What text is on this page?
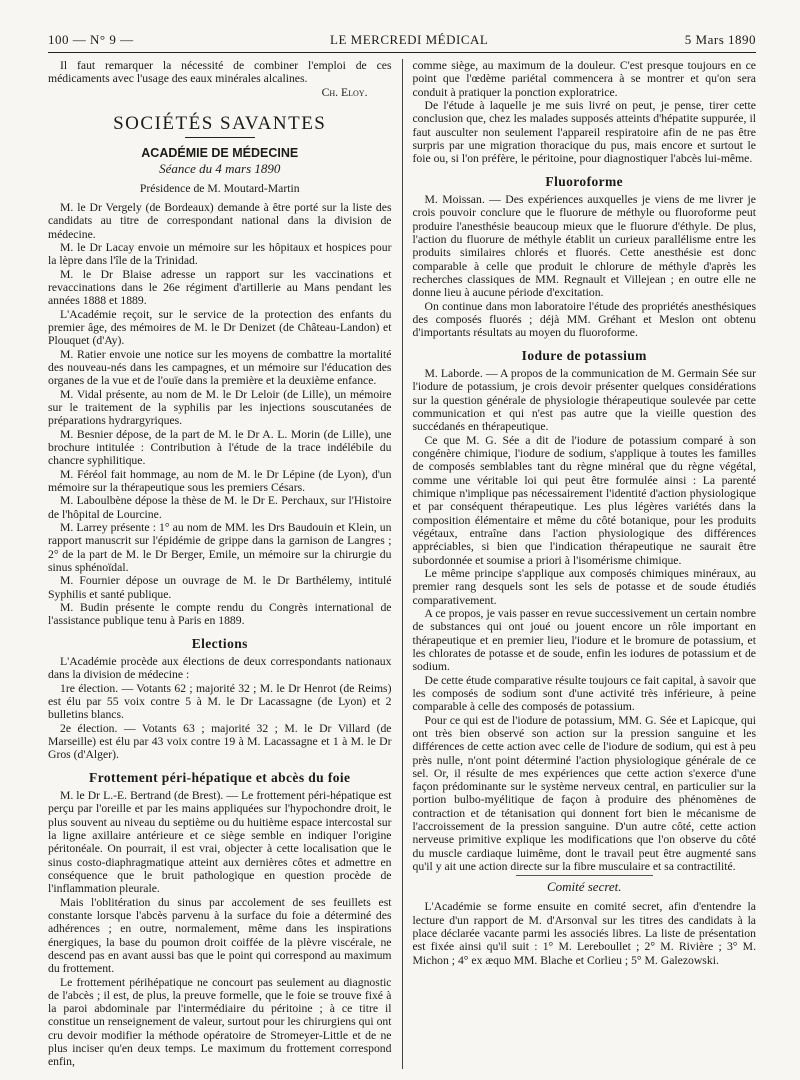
100 — N° 9 —	LE MERCREDI MÉDICAL	5 Mars 1890

Il faut remarquer la nécessité de combiner l'emploi de ces médicaments avec l'usage des eaux minérales alcalines.

Ch. Eloy.
SOCIÉTÉS SAVANTES
ACADÉMIE DE MÉDECINE
Séance du 4 mars 1890
Présidence de M. Moutard-Martin

M. le Dr Vergely (de Bordeaux) demande à être porté sur la liste des candidats au titre de correspondant national dans la division de médecine.

M. le Dr Lacay envoie un mémoire sur les hôpitaux et hospices pour la lèpre dans l'île de la Trinidad.

M. le Dr Blaise adresse un rapport sur les vaccinations et revaccinations dans le 26e régiment d'artillerie au Mans pendant les années 1888 et 1889.

L'Académie reçoit, sur le service de la protection des enfants du premier âge, des mémoires de M. le Dr Denizet (de Château-Landon) et Plouquet (d'Ay).

M. Ratier envoie une notice sur les moyens de combattre la mortalité des nouveau-nés dans les campagnes, et un mémoire sur l'éducation des organes de la vue et de l'ouïe dans la première et la deuxième enfance.

M. Vidal présente, au nom de M. le Dr Leloir (de Lille), un mémoire sur le traitement de la syphilis par les injections souscutanées de préparations hydrargyriques.

M. Besnier dépose, de la part de M. le Dr A. L. Morin (de Lille), une brochure intitulée : Contribution à l'étude de la trace indélébile du chancre syphilitique.

M. Féréol fait hommage, au nom de M. le Dr Lépine (de Lyon), d'un mémoire sur la thérapeutique sous les premiers Césars.

M. Laboulbène dépose la thèse de M. le Dr E. Perchaux, sur l'Histoire de l'hôpital de Lourcine.

M. Larrey présente : 1° au nom de MM. les Drs Baudouin et Klein, un rapport manuscrit sur l'épidémie de grippe dans la garnison de Langres ; 2° de la part de M. le Dr Berger, Emile, un mémoire sur la chirurgie du sinus sphénoïdal.

M. Fournier dépose un ouvrage de M. le Dr Barthélemy, intitulé Syphilis et santé publique.

M. Budin présente le compte rendu du Congrès international de l'assistance publique tenu à Paris en 1889.

Elections

L'Académie procède aux élections de deux correspondants nationaux dans la division de médecine :

1re élection. — Votants 62 ; majorité 32 ; M. le Dr Henrot (de Reims) est élu par 55 voix contre 5 à M. le Dr Lacassagne (de Lyon) et 2 bulletins blancs.

2e élection. — Votants 63 ; majorité 32 ; M. le Dr Villard (de Marseille) est élu par 43 voix contre 19 à M. Lacassagne et 1 à M. le Dr Gros (d'Alger).

Frottement péri-hépatique et abcès du foie

M. le Dr L.-E. Bertrand (de Brest). — Le frottement péri-hépatique est perçu par l'oreille et par les mains appliquées sur l'hypochondre droit, le plus souvent au niveau du septième ou du huitième espace intercostal sur la ligne axillaire antérieure et ce siège semble en indiquer l'origine péritonéale. On pourrait, il est vrai, objecter à cette localisation que le sinus costo-diaphragmatique atteint aux dernières côtes et admettre en conséquence que le bruit pathologique en question procède de l'inflammation pleurale.

Mais l'oblitération du sinus par accolement de ses feuillets est constante lorsque l'abcès parvenu à la surface du foie a déterminé des adhérences ; en outre, normalement, même dans les inspirations énergiques, la base du poumon droit coiffée de la plèvre viscérale, ne descend pas en avant aussi bas que le point qui correspond au maximum du frottement.

Le frottement périhépatique ne concourt pas seulement au diagnostic de l'abcès ; il est, de plus, la preuve formelle, que le foie se trouve fixé à la paroi abdominale par l'intermédiaire du péritoine ; à ce titre il constitue un renseignement de valeur, surtout pour les chirurgiens qui ont cru devoir modifier la méthode opératoire de Stromeyer-Little et de ne plus inciser qu'en deux temps. Le maximum du frottement correspond enfin,

comme siège, au maximum de la douleur. C'est presque toujours en ce point que l'œdème pariétal commencera à se montrer et qu'on sera conduit à pratiquer la ponction exploratrice.

De l'étude à laquelle je me suis livré on peut, je pense, tirer cette conclusion que, chez les malades supposés atteints d'hépatite suppurée, il faut ausculter non seulement l'appareil respiratoire afin de ne pas être surpris par une migration thoracique du pus, mais encore et surtout le foie ou, si l'on préfère, le péritoine, pour diagnostiquer l'abcès lui-même.

Fluoroforme

M. Moissan. — Des expériences auxquelles je viens de me livrer je crois pouvoir conclure que le fluorure de méthyle ou fluoroforme peut produire l'anesthésie beaucoup mieux que le fluorure d'éthyle. De plus, l'action du fluorure de méthyle établit un curieux parallélisme entre les produits similaires chlorés et fluorés. Cette anesthésie est donc comparable à celle que produit le chlorure de méthyle d'après les recherches classiques de MM. Regnault et Villejean ; en outre elle ne donne lieu à aucune période d'excitation.

On continue dans mon laboratoire l'étude des propriétés anesthésiques des composés fluorés ; déjà MM. Gréhant et Meslon ont obtenu d'importants résultats au moyen du fluoroforme.

Iodure de potassium

M. Laborde. — A propos de la communication de M. Germain Sée sur l'iodure de potassium, je crois devoir présenter quelques considérations sur la question générale de physiologie thérapeutique soulevée par cette communication et qui n'est pas autre que la vieille question des succédanés en thérapeutique.

Ce que M. G. Sée a dit de l'iodure de potassium comparé à son congénère chimique, l'iodure de sodium, s'applique à toutes les familles de composés semblables tant du règne minéral que du règne végétal, comme une véritable loi qui peut être formulée ainsi : La parenté chimique n'implique pas nécessairement l'identité d'action physiologique et par conséquent thérapeutique. Les plus légères variétés dans la composition élémentaire et même du côté botanique, pour les produits végétaux, entraîne dans l'action physiologique des différences appréciables, si bien que l'indication thérapeutique ne saurait être subordonnée et soumise a priori à l'isomérisme chimique.

Le même principe s'applique aux composés chimiques minéraux, au premier rang desquels sont les sels de potasse et de soude étudiés comparativement.

A ce propos, je vais passer en revue successivement un certain nombre de substances qui ont joué ou jouent encore un rôle important en thérapeutique et en premier lieu, l'iodure et le bromure de potassium, et les chlorates de potasse et de soude, enfin les iodures de potassium et de sodium.

De cette étude comparative résulte toujours ce fait capital, à savoir que les composés de sodium sont d'une activité très inférieure, à peine comparable à celle des composés de potassium.

Pour ce qui est de l'iodure de potassium, MM. G. Sée et Lapicque, qui ont très bien observé son action sur la pression sanguine et les différences de cette action avec celle de l'iodure de sodium, qui est à peu près nulle, n'ont point déterminé l'action physiologique générale de ce sel. Or, il résulte de mes expériences que cette action s'exerce d'une façon prédominante sur le système nerveux central, en particulier sur la portion bulbo-myélitique de façon à produire des phénomènes de contraction et de tétanisation qui donnent fort bien le mécanisme de l'accroissement de la pression sanguine. D'un autre côté, cette action nerveuse primitive explique les modifications que l'on observe du côté du muscle cardiaque luimême, dont le travail peut être augmenté sans qu'il y ait une action directe sur la fibre musculaire et sa contractilité.

Comité secret.

L'Académie se forme ensuite en comité secret, afin d'entendre la lecture d'un rapport de M. d'Arsonval sur les titres des candidats à la place déclarée vacante parmi les associés libres. La liste de présentation est fixée ainsi qu'il suit : 1° M. Lereboullet ; 2° M. Rivière ; 3° M. Michon ; 4° ex æquo MM. Blache et Corlieu ; 5° M. Galezowski.
